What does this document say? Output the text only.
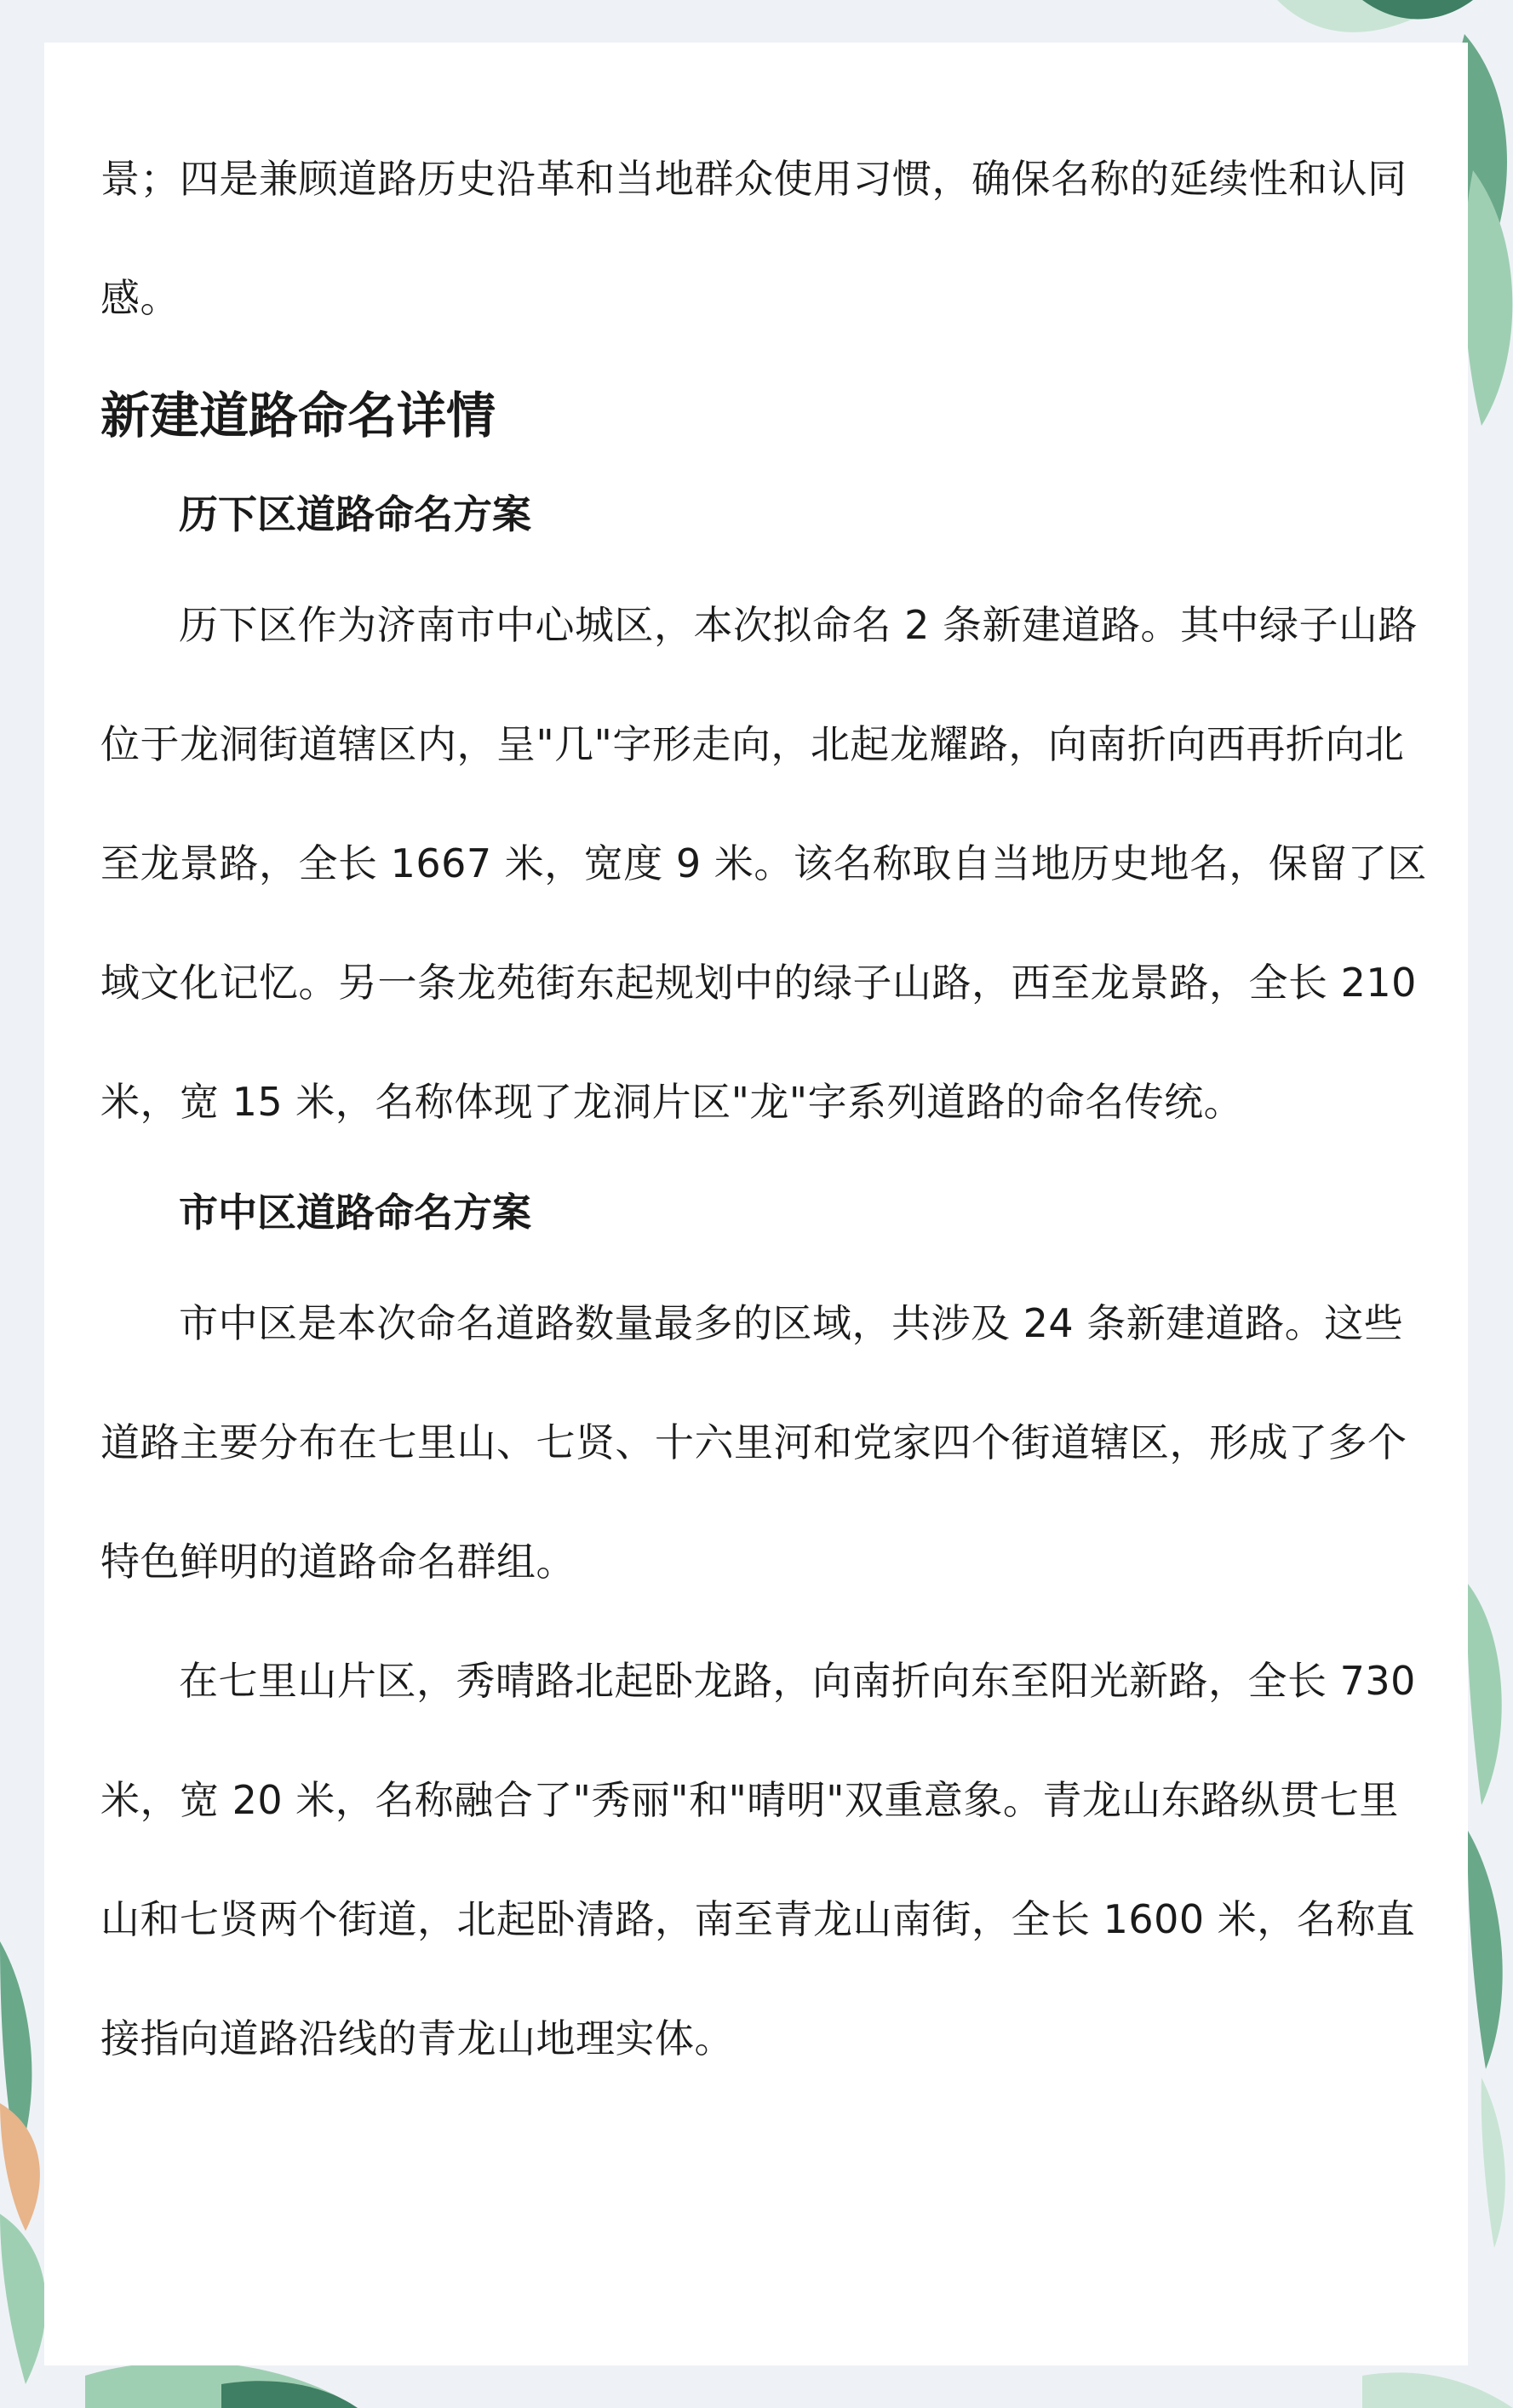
景；四是兼顾道路历史沿革和当地群众使用习惯，确保名称的延续性和认同感。

新建道路命名详情
历下区道路命名方案

历下区作为济南市中心城区，本次拟命名 2 条新建道路。其中绿子山路位于龙洞街道辖区内，呈"几"字形走向，北起龙耀路，向南折向西再折向北至龙景路，全长 1667 米，宽度 9 米。该名称取自当地历史地名，保留了区域文化记忆。另一条龙苑街东起规划中的绿子山路，西至龙景路，全长 210 米，宽 15 米，名称体现了龙洞片区"龙"字系列道路的命名传统。

市中区道路命名方案

市中区是本次命名道路数量最多的区域，共涉及 24 条新建道路。这些道路主要分布在七里山、七贤、十六里河和党家四个街道辖区，形成了多个特色鲜明的道路命名群组。

在七里山片区，秀晴路北起卧龙路，向南折向东至阳光新路，全长 730 米，宽 20 米，名称融合了"秀丽"和"晴明"双重意象。青龙山东路纵贯七里山和七贤两个街道，北起卧清路，南至青龙山南街，全长 1600 米，名称直接指向道路沿线的青龙山地理实体。
